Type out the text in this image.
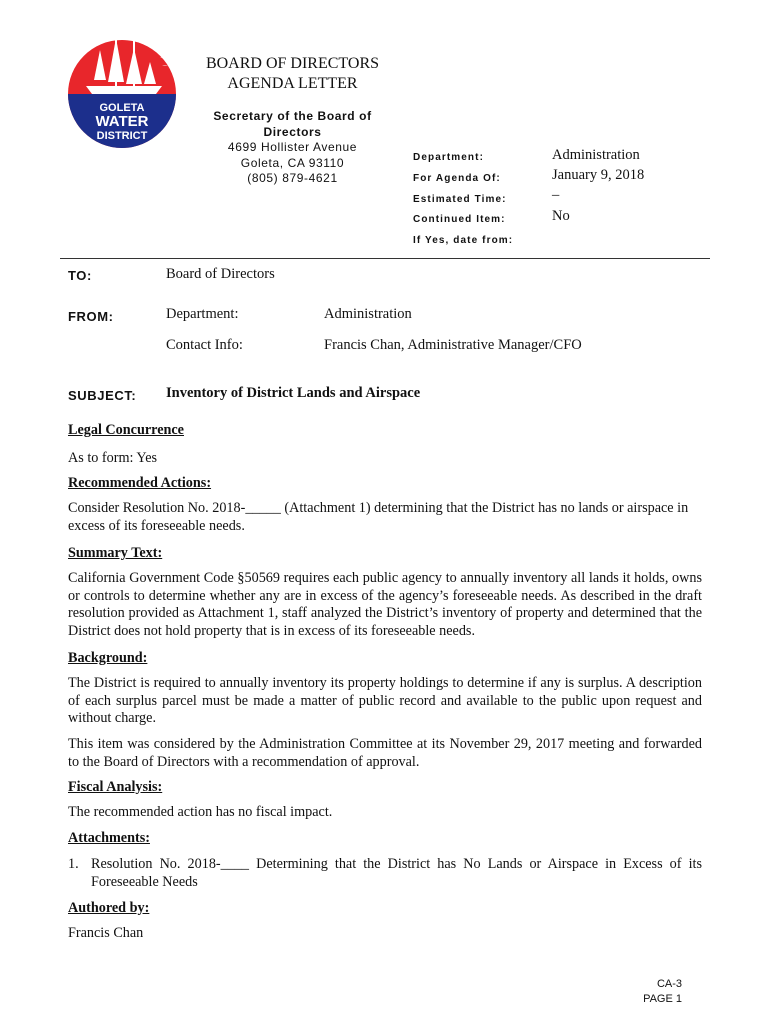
GOLETA
WATER
DISTRICT
BOARD OF DIRECTORS
AGENDA LETTER
Secretary of the Board of
Directors
4699 Hollister Avenue
Goleta, CA 93110
(805) 879-4621
Department:	Administration
For Agenda Of:	January 9, 2018
Estimated Time:	–
Continued Item:	No
If Yes, date from:
TO:	Board of Directors
FROM:	Department:	Administration
Contact Info:	Francis Chan, Administrative Manager/CFO
SUBJECT: Inventory of District Lands and Airspace
Legal Concurrence
As to form: Yes
Recommended Actions:
Consider Resolution No. 2018-_____ (Attachment 1) determining that the District has no lands or airspace in excess of its foreseeable needs.
Summary Text:
California Government Code §50569 requires each public agency to annually inventory all lands it holds, owns or controls to determine whether any are in excess of the agency’s foreseeable needs. As described in the draft resolution provided as Attachment 1, staff analyzed the District’s inventory of property and determined that the District does not hold property that is in excess of its foreseeable needs.
Background:
The District is required to annually inventory its property holdings to determine if any is surplus. A description of each surplus parcel must be made a matter of public record and available to the public upon request and without charge.
This item was considered by the Administration Committee at its November 29, 2017 meeting and forwarded to the Board of Directors with a recommendation of approval.
Fiscal Analysis:
The recommended action has no fiscal impact.
Attachments:
1. Resolution No. 2018-____ Determining that the District has No Lands or Airspace in Excess of its Foreseeable Needs
Authored by:
Francis Chan
CA-3
PAGE 1
